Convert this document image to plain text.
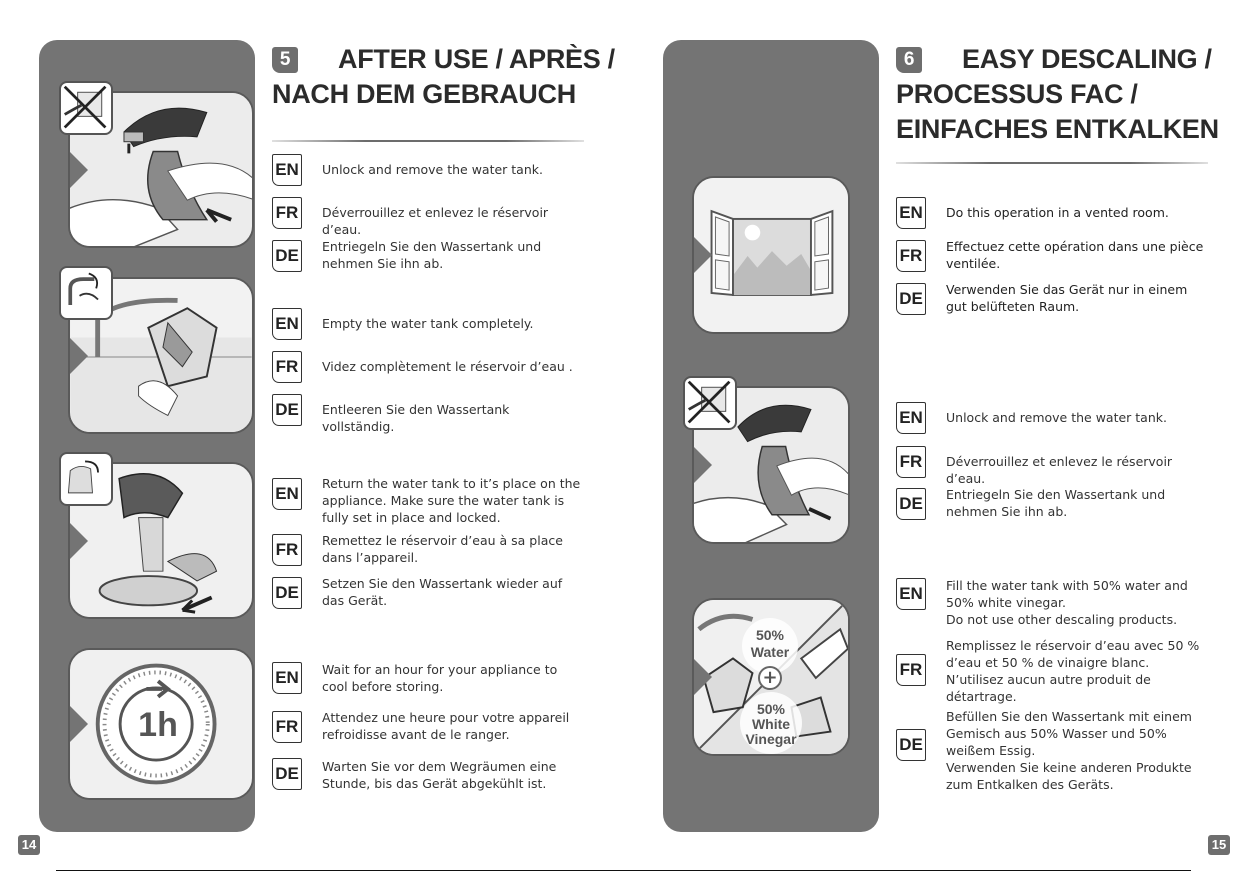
1h
5 AFTER USE / APRÈS /
NACH DEM GEBRAUCH
EN Unlock and remove the water tank.
FR Déverrouillez et enlevez le réservoir d’eau.
DE Entriegeln Sie den Wassertank und nehmen Sie ihn ab.
EN Empty the water tank completely.
FR Videz complètement le réservoir d’eau .
DE Entleeren Sie den Wassertank vollständig.
EN
Return the water tank to it’s place on the appliance. Make sure the water tank is fully set in place and locked.
FR Remettez le réservoir d’eau à sa place dans l’appareil.
DE Setzen Sie den Wassertank wieder auf das Gerät.
EN Wait for an hour for your appliance to cool before storing.
FR Attendez une heure pour votre appareil refroidisse avant de le ranger.
DE Warten Sie vor dem Wegräumen eine Stunde, bis das Gerät abgekühlt ist.
14
50%
Water
+
50%
White
Vinegar
6 EASY DESCALING /
PROCESSUS FAC /
EINFACHES ENTKALKEN
EN Do this operation in a vented room.
FR Effectuez cette opération dans une pièce ventilée.
DE Verwenden Sie das Gerät nur in einem gut belüfteten Raum.
EN Unlock and remove the water tank.
FR Déverrouillez et enlevez le réservoir d’eau.
DE Entriegeln Sie den Wassertank und nehmen Sie ihn ab.
EN Fill the water tank with 50% water and 50% white vinegar.
Do not use other descaling products.
FR
Remplissez le réservoir d’eau avec 50 % d’eau et 50 % de vinaigre blanc.
N’utilisez aucun autre produit de détartrage.
DE
Befüllen Sie den Wassertank mit einem Gemisch aus 50% Wasser und 50% weißem Essig.
Verwenden Sie keine anderen Produkte zum Entkalken des Geräts.
15
